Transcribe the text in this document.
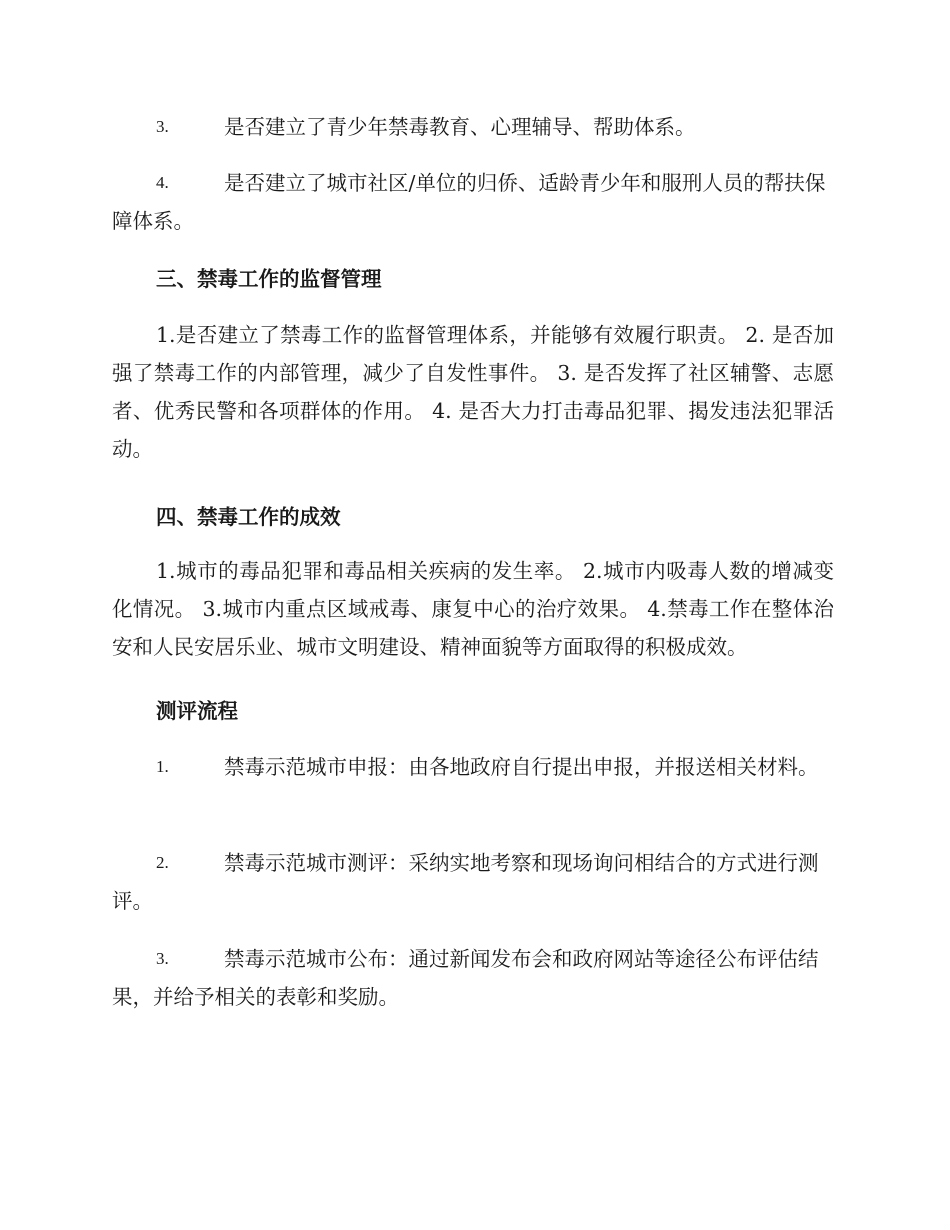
3.	是否建立了青少年禁毒教育、心理辅导、帮助体系。
4.	是否建立了城市社区/单位的归侨、适龄青少年和服刑人员的帮扶保障体系。
三、禁毒工作的监督管理

1.是否建立了禁毒工作的监督管理体系，并能够有效履行职责。 2. 是否加强了禁毒工作的内部管理，减少了自发性事件。 3. 是否发挥了社区辅警、志愿者、优秀民警和各项群体的作用。 4. 是否大力打击毒品犯罪、揭发违法犯罪活动。

四、禁毒工作的成效

1.城市的毒品犯罪和毒品相关疾病的发生率。 2.城市内吸毒人数的增减变化情况。 3.城市内重点区域戒毒、康复中心的治疗效果。 4.禁毒工作在整体治安和人民安居乐业、城市文明建设、精神面貌等方面取得的积极成效。

测评流程
1.	禁毒示范城市申报：由各地政府自行提出申报，并报送相关材料。
2.	禁毒示范城市测评：采纳实地考察和现场询问相结合的方式进行测评。
3.	禁毒示范城市公布：通过新闻发布会和政府网站等途径公布评估结果，并给予相关的表彰和奖励。
